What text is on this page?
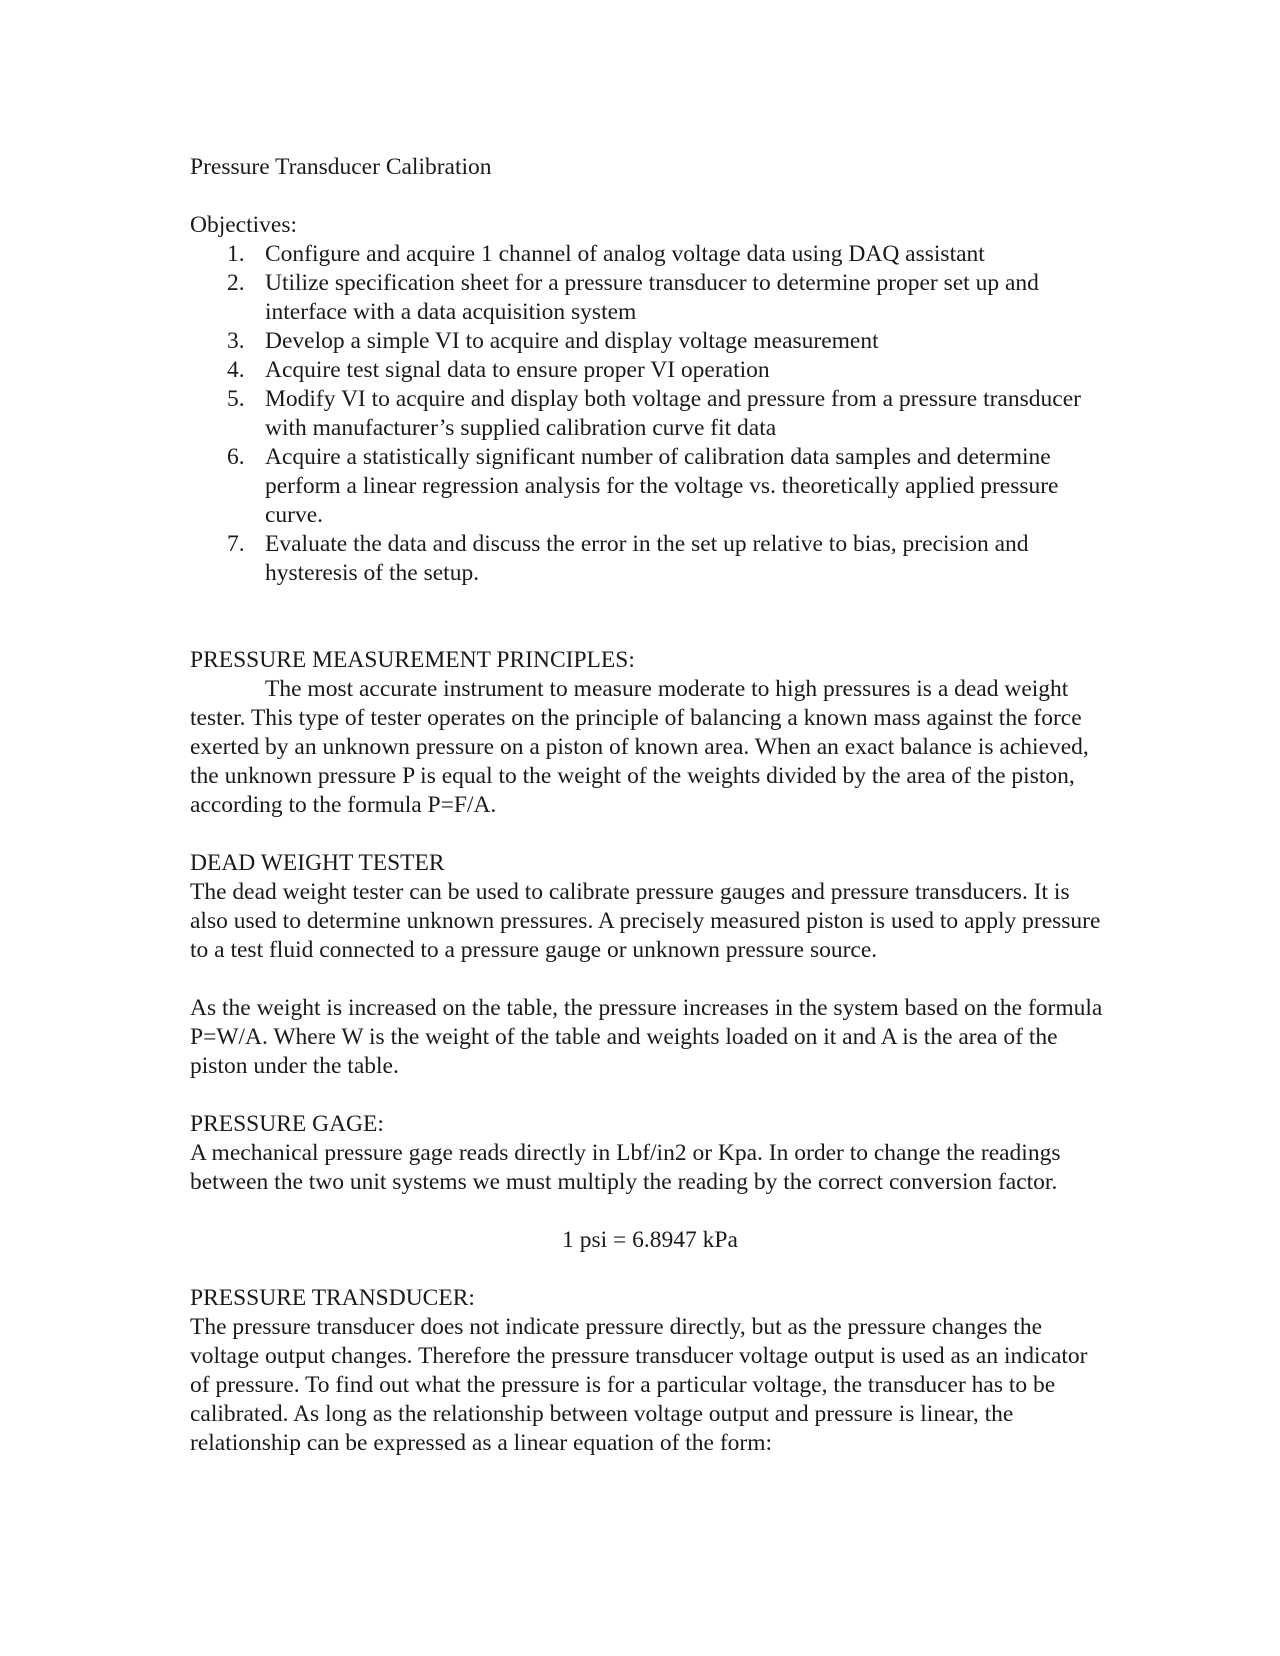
Pressure Transducer Calibration

Objectives:

1. Configure and acquire 1 channel of analog voltage data using DAQ assistant
2. Utilize specification sheet for a pressure transducer to determine proper set up and interface with a data acquisition system
3. Develop a simple VI to acquire and display voltage measurement
4. Acquire test signal data to ensure proper VI operation
5. Modify VI to acquire and display both voltage and pressure from a pressure transducer with manufacturer’s supplied calibration curve fit data
6. Acquire a statistically significant number of calibration data samples and determine perform a linear regression analysis for the voltage vs. theoretically applied pressure curve.
7. Evaluate the data and discuss the error in the set up relative to bias, precision and hysteresis of the setup.

PRESSURE MEASUREMENT PRINCIPLES:

The most accurate instrument to measure moderate to high pressures is a dead weight tester. This type of tester operates on the principle of balancing a known mass against the force exerted by an unknown pressure on a piston of known area. When an exact balance is achieved, the unknown pressure P is equal to the weight of the weights divided by the area of the piston, according to the formula P=F/A.

DEAD WEIGHT TESTER

The dead weight tester can be used to calibrate pressure gauges and pressure transducers. It is also used to determine unknown pressures. A precisely measured piston is used to apply pressure to a test fluid connected to a pressure gauge or unknown pressure source.

As the weight is increased on the table, the pressure increases in the system based on the formula P=W/A. Where W is the weight of the table and weights loaded on it and A is the area of the piston under the table.

PRESSURE GAGE:

A mechanical pressure gage reads directly in Lbf/in2 or Kpa. In order to change the readings between the two unit systems we must multiply the reading by the correct conversion factor.

1 psi = 6.8947 kPa

PRESSURE TRANSDUCER:

The pressure transducer does not indicate pressure directly, but as the pressure changes the voltage output changes. Therefore the pressure transducer voltage output is used as an indicator of pressure. To find out what the pressure is for a particular voltage, the transducer has to be calibrated. As long as the relationship between voltage output and pressure is linear, the relationship can be expressed as a linear equation of the form:
